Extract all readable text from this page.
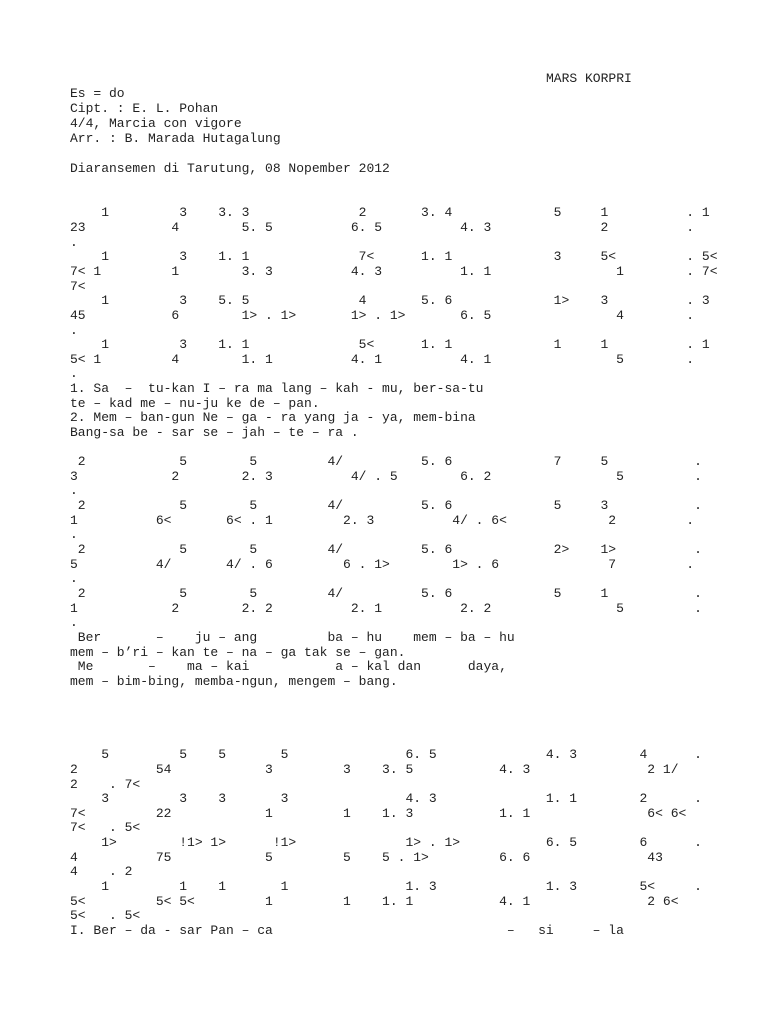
MARS KORPRI
Es = do
Cipt. : E. L. Pohan
4/4, Marcia con vigore
Arr. : B. Marada Hutagalung
Diaransemen di Tarutung, 08 Nopember 2012
1         3    3. 3              2       3. 4             5     1          . 1
23           4        5. 5          6. 5          4. 3              2          .
.
1         3    1. 1              7<      1. 1             3     5<         . 5<
7< 1         1        3. 3          4. 3          1. 1                1        . 7<
7<
1         3    5. 5              4       5. 6             1>    3          . 3
45           6        1> . 1>       1> . 1>       6. 5                4        .
.
1         3    1. 1              5<      1. 1             1     1          . 1
5< 1         4        1. 1          4. 1          4. 1                5        .
.
1. Sa  –  tu-kan I – ra ma lang – kah - mu, ber-sa-tu
te – kad me – nu-ju ke de – pan.
2. Mem – ban-gun Ne – ga - ra yang ja - ya, mem-bina
Bang-sa be - sar se – jah – te – ra .
2            5        5         4/          5. 6             7     5           .
3            2        2. 3          4/ . 5        6. 2                5         .
.
2            5        5         4/          5. 6             5     3           .
1          6<       6< . 1         2. 3          4/ . 6<             2         .
.
2            5        5         4/          5. 6             2>    1>          .
5          4/       4/ . 6         6 . 1>        1> . 6              7         .
.
2            5        5         4/          5. 6             5     1           .
1            2        2. 2          2. 1          2. 2                5         .
.
Ber       –    ju – ang         ba – hu    mem – ba – hu
mem – b’ri – kan te – na – ga tak se – gan.
Me       –    ma – kai           a – kal dan      daya,
mem – bim-bing, memba-ngun, mengem – bang.
5         5    5       5               6. 5              4. 3        4      .
2          54            3         3    3. 5           4. 3               2 1/
2    . 7<
3         3    3       3               4. 3              1. 1        2      .
7<         22            1         1    1. 3           1. 1               6< 6<
7<   . 5<
1>        !1> 1>      !1>              1> . 1>           6. 5        6      .
4          75            5         5    5 . 1>         6. 6               43
4    . 2
1         1    1       1               1. 3              1. 3        5<     .
5<         5< 5<         1         1    1. 1           4. 1               2 6<
5<   . 5<
I. Ber – da - sar Pan – ca                              –   si     – la
